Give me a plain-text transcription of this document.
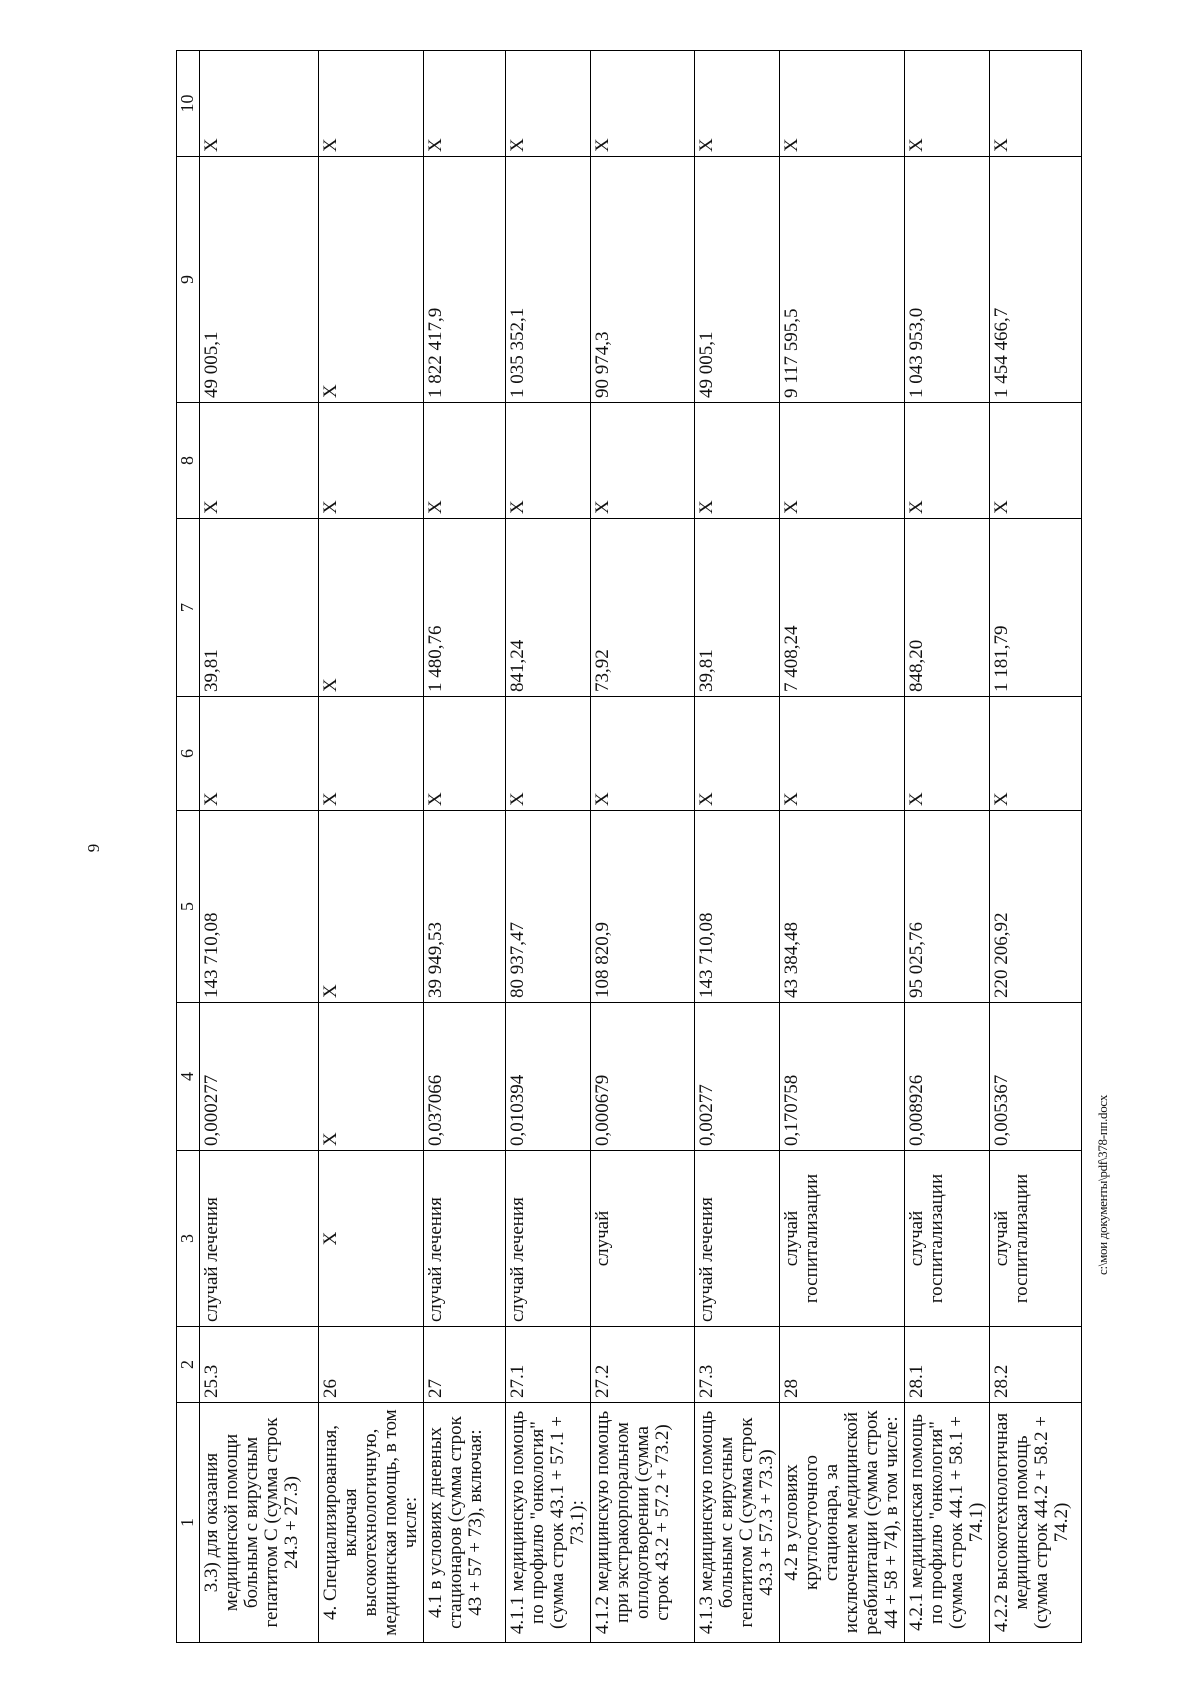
9
1	2	3	4	5	6	7	8	9	10
3.3) для оказания медицинской помощи больным с вирусным гепатитом С (сумма строк 24.3 + 27.3)	25.3	случай лечения	0,000277	143 710,08	Х	39,81	Х	49 005,1	Х
4. Специализированная, включая высокотехнологичную, медицинская помощь, в том числе:	26	Х	Х	Х	Х	Х	Х	Х	Х
4.1 в условиях дневных стационаров (сумма строк 43 + 57 + 73), включая:	27	случай лечения	0,037066	39 949,53	Х	1 480,76	Х	1 822 417,9	Х
4.1.1 медицинскую помощь по профилю "онкология" (сумма строк 43.1 + 57.1 + 73.1):	27.1	случай лечения	0,010394	80 937,47	Х	841,24	Х	1 035 352,1	Х
4.1.2 медицинскую помощь при экстракорпоральном оплодотворении (сумма строк 43.2 + 57.2 + 73.2)	27.2	случай	0,000679	108 820,9	Х	73,92	Х	90 974,3	Х
4.1.3 медицинскую помощь больным с вирусным гепатитом С (сумма строк 43.3 + 57.3 + 73.3)	27.3	случай лечения	0,00277	143 710,08	Х	39,81	Х	49 005,1	Х
4.2 в условиях круглосуточного стационара, за исключением медицинской реабилитации (сумма строк 44 + 58 + 74), в том числе:	28	случай госпитализации	0,170758	43 384,48	Х	7 408,24	Х	9 117 595,5	Х
4.2.1 медицинская помощь по профилю "онкология" (сумма строк 44.1 + 58.1 + 74.1)	28.1	случай госпитализации	0,008926	95 025,76	Х	848,20	Х	1 043 953,0	Х
4.2.2 высокотехнологичная медицинская помощь (сумма строк 44.2 + 58.2 + 74.2)	28.2	случай госпитализации	0,005367	220 206,92	Х	1 181,79	Х	1 454 466,7	Х
c:\мои документы\pdf\378-пп.docx
